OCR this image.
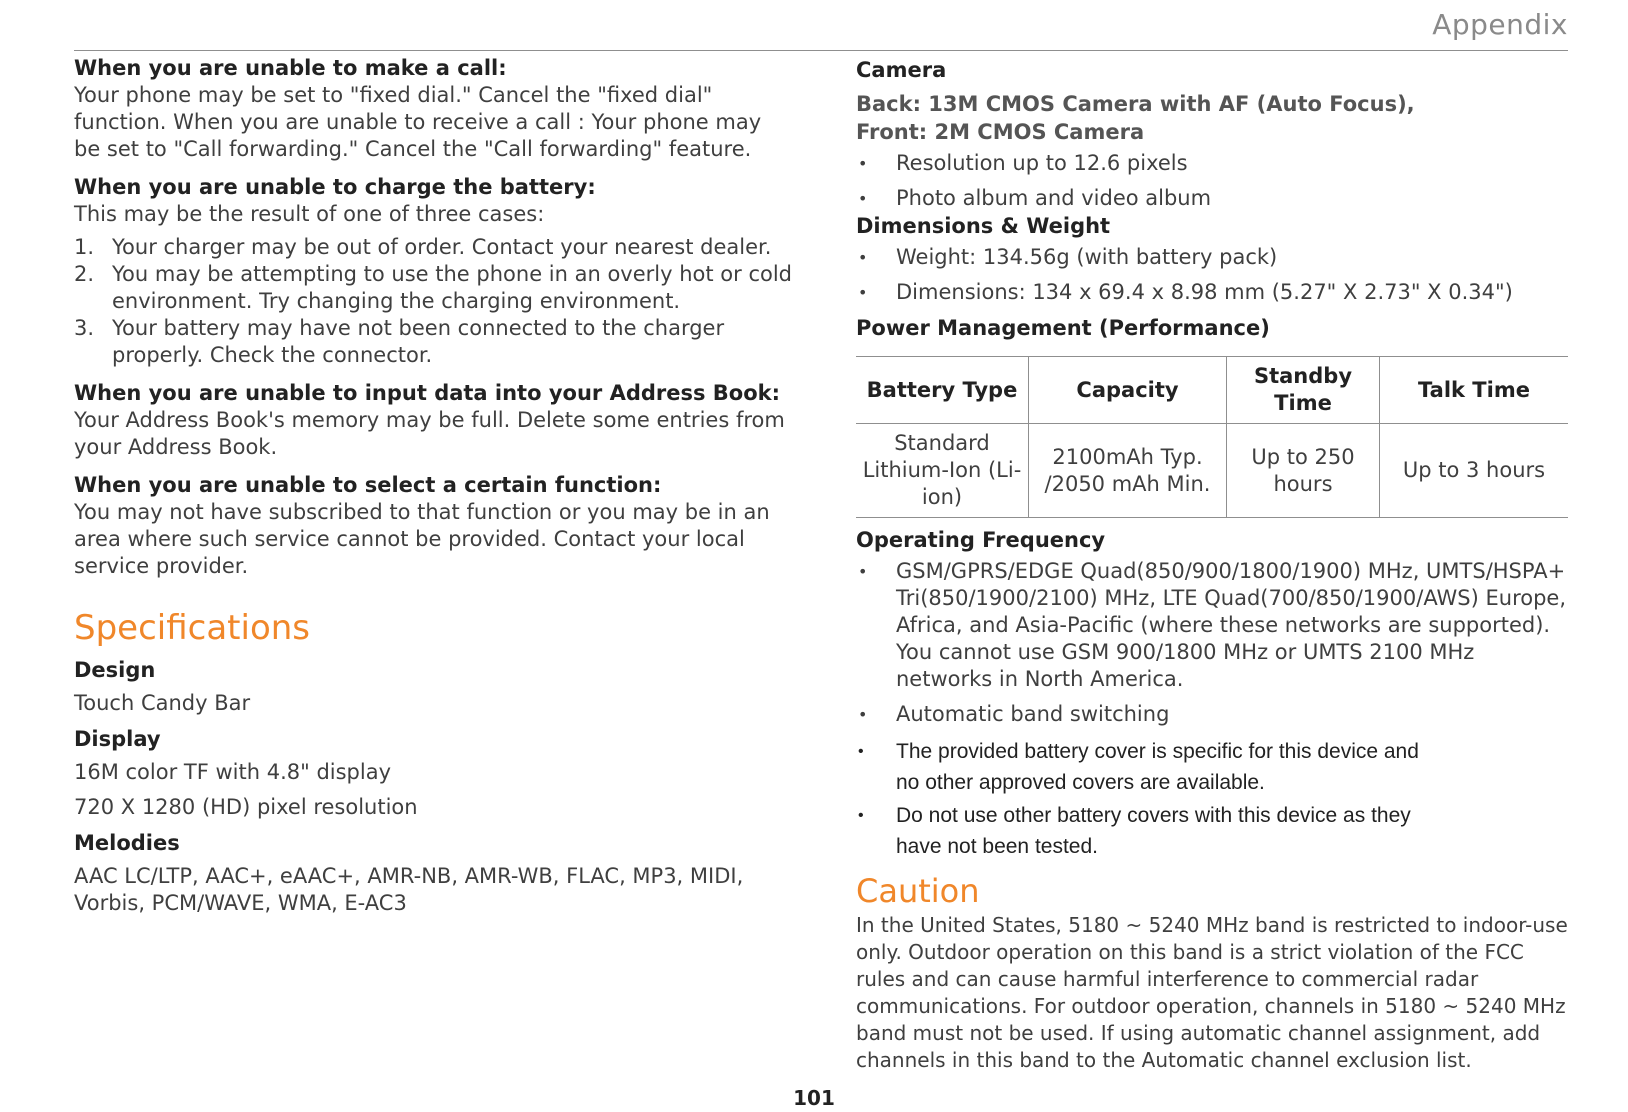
Appendix
When you are unable to make a call:

Your phone may be set to "fixed dial." Cancel the "fixed dial" function. When you are unable to receive a call : Your phone may be set to "Call forwarding." Cancel the "Call forwarding" feature.

When you are unable to charge the battery:

This may be the result of one of three cases:

1. Your charger may be out of order. Contact your nearest dealer.
2. You may be attempting to use the phone in an overly hot or cold environment. Try changing the charging environment.
3. Your battery may have not been connected to the charger properly. Check the connector.
When you are unable to input data into your Address Book:

Your Address Book's memory may be full. Delete some entries from your Address Book.

When you are unable to select a certain function:

You may not have subscribed to that function or you may be in an area where such service cannot be provided. Contact your local service provider.

Specifications
Design
Touch Candy Bar
Display
16M color TF with 4.8" display
720 X 1280 (HD) pixel resolution
Melodies
AAC LC/LTP, AAC+, eAAC+, AMR-NB, AMR-WB, FLAC, MP3, MIDI, Vorbis, PCM/WAVE, WMA, E-AC3
Camera
Back: 13M CMOS Camera with AF (Auto Focus),
Front: 2M CMOS Camera
•	Resolution up to 12.6 pixels
•	Photo album and video album
Dimensions & Weight
•	Weight: 134.56g (with battery pack)
•	Dimensions: 134 x 69.4 x 8.98 mm (5.27" X 2.73" X 0.34")
Power Management (Performance)
Battery Type	Capacity	Standby Time	Talk Time
Standard Lithium-Ion (Li-ion)	2100mAh Typ. /2050 mAh Min.	Up to 250 hours	Up to 3 hours
Operating Frequency
•	GSM/GPRS/EDGE Quad(850/900/1800/1900) MHz, UMTS/HSPA+ Tri(850/1900/2100) MHz, LTE Quad(700/850/1900/AWS) Europe, Africa, and Asia-Pacific (where these networks are supported). You cannot use GSM 900/1800 MHz or UMTS 2100 MHz networks in North America.
•	Automatic band switching
•	The provided battery cover is specific for this device and no other approved covers are available.
•	Do not use other battery covers with this device as they have not been tested.
Caution

In the United States, 5180 ~ 5240 MHz band is restricted to indoor-use only. Outdoor operation on this band is a strict violation of the FCC rules and can cause harmful interference to commercial radar communications. For outdoor operation, channels in 5180 ~ 5240 MHz band must not be used. If using automatic channel assignment, add channels in this band to the Automatic channel exclusion list.

101
